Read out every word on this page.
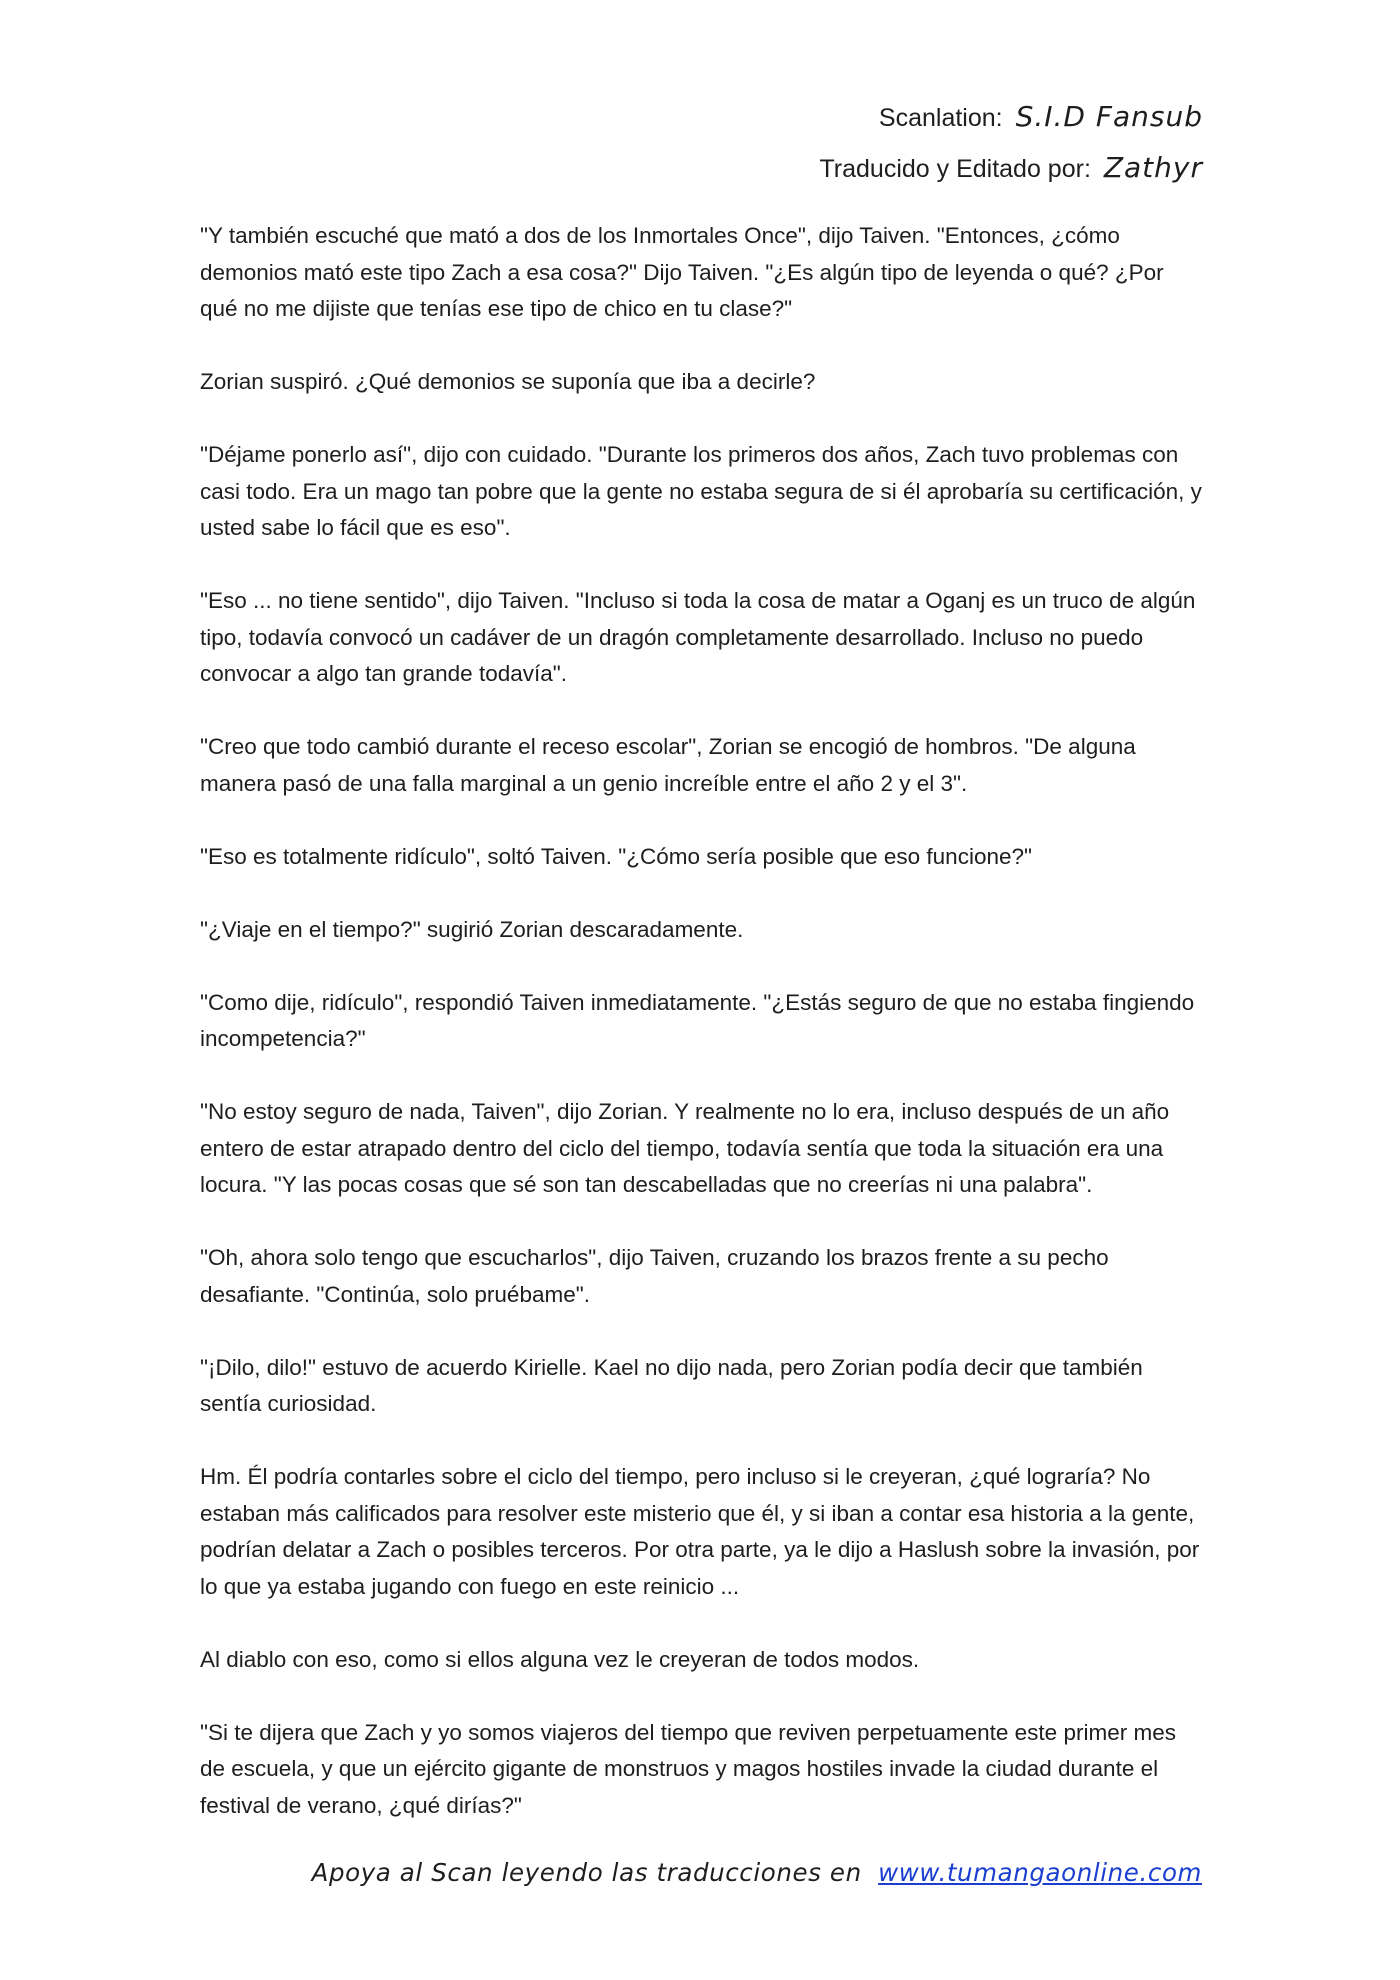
Scanlation: S.I.D Fansub
Traducido y Editado por: Zathyr

"Y también escuché que mató a dos de los Inmortales Once", dijo Taiven. "Entonces, ¿cómo demonios mató este tipo Zach a esa cosa?" Dijo Taiven. "¿Es algún tipo de leyenda o qué? ¿Por qué no me dijiste que tenías ese tipo de chico en tu clase?"

Zorian suspiró. ¿Qué demonios se suponía que iba a decirle?

"Déjame ponerlo así", dijo con cuidado. "Durante los primeros dos años, Zach tuvo problemas con casi todo. Era un mago tan pobre que la gente no estaba segura de si él aprobaría su certificación, y usted sabe lo fácil que es eso".

"Eso ... no tiene sentido", dijo Taiven. "Incluso si toda la cosa de matar a Oganj es un truco de algún tipo, todavía convocó un cadáver de un dragón completamente desarrollado. Incluso no puedo convocar a algo tan grande todavía".

"Creo que todo cambió durante el receso escolar", Zorian se encogió de hombros. "De alguna manera pasó de una falla marginal a un genio increíble entre el año 2 y el 3".

"Eso es totalmente ridículo", soltó Taiven. "¿Cómo sería posible que eso funcione?"

"¿Viaje en el tiempo?" sugirió Zorian descaradamente.

"Como dije, ridículo", respondió Taiven inmediatamente. "¿Estás seguro de que no estaba fingiendo incompetencia?"

"No estoy seguro de nada, Taiven", dijo Zorian. Y realmente no lo era, incluso después de un año entero de estar atrapado dentro del ciclo del tiempo, todavía sentía que toda la situación era una locura. "Y las pocas cosas que sé son tan descabelladas que no creerías ni una palabra".

"Oh, ahora solo tengo que escucharlos", dijo Taiven, cruzando los brazos frente a su pecho desafiante. "Continúa, solo pruébame".

"¡Dilo, dilo!" estuvo de acuerdo Kirielle. Kael no dijo nada, pero Zorian podía decir que también sentía curiosidad.

Hm. Él podría contarles sobre el ciclo del tiempo, pero incluso si le creyeran, ¿qué lograría? No estaban más calificados para resolver este misterio que él, y si iban a contar esa historia a la gente, podrían delatar a Zach o posibles terceros. Por otra parte, ya le dijo a Haslush sobre la invasión, por lo que ya estaba jugando con fuego en este reinicio ...

Al diablo con eso, como si ellos alguna vez le creyeran de todos modos.

"Si te dijera que Zach y yo somos viajeros del tiempo que reviven perpetuamente este primer mes de escuela, y que un ejército gigante de monstruos y magos hostiles invade la ciudad durante el festival de verano, ¿qué dirías?"

Apoya al Scan leyendo las traducciones en www.tumangaonline.com
